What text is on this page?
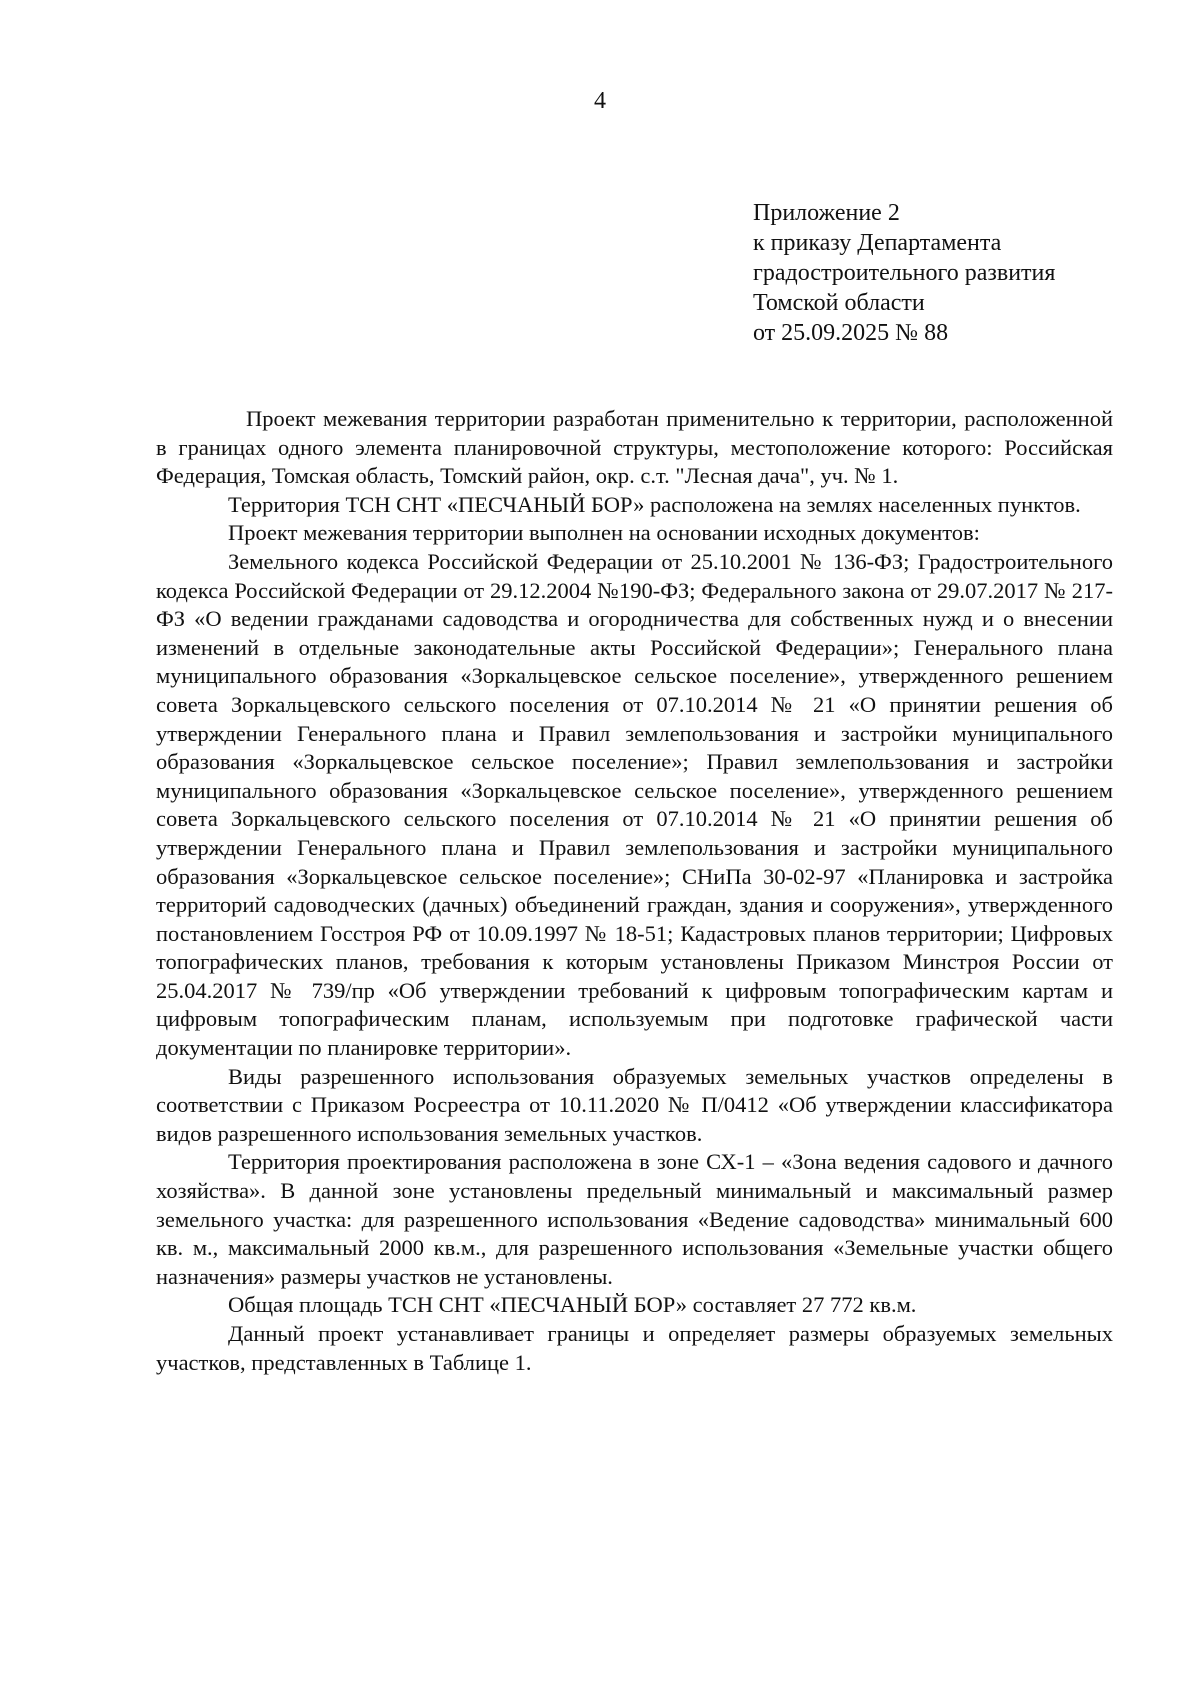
4
Приложение 2
к приказу Департамента
градостроительного развития
Томской области
от 25.09.2025 № 88

Проект межевания территории разработан применительно к территории, расположенной в границах одного элемента планировочной структуры, местоположение которого: Российская Федерация, Томская область, Томский район, окр. с.т. "Лесная дача", уч. № 1.

Территория ТСН СНТ «ПЕСЧАНЫЙ БОР» расположена на землях населенных пунктов.

Проект межевания территории выполнен на основании исходных документов:

Земельного кодекса Российской Федерации от 25.10.2001 № 136-ФЗ; Градостроительного кодекса Российской Федерации от 29.12.2004 №190-ФЗ; Федерального закона от 29.07.2017 № 217-ФЗ «О ведении гражданами садоводства и огородничества для собственных нужд и о внесении изменений в отдельные законодательные акты Российской Федерации»; Генерального плана муниципального образования «Зоркальцевское сельское поселение», утвержденного решением совета Зоркальцевского сельского поселения от 07.10.2014 № 21 «О принятии решения об утверждении Генерального плана и Правил землепользования и застройки муниципального образования «Зоркальцевское сельское поселение»; Правил землепользования и застройки муниципального образования «Зоркальцевское сельское поселение», утвержденного решением совета Зоркальцевского сельского поселения от 07.10.2014 № 21 «О принятии решения об утверждении Генерального плана и Правил землепользования и застройки муниципального образования «Зоркальцевское сельское поселение»; СНиПа 30-02-97 «Планировка и застройка территорий садоводческих (дачных) объединений граждан, здания и сооружения», утвержденного постановлением Госстроя РФ от 10.09.1997 № 18-51; Кадастровых планов территории; Цифровых топографических планов, требования к которым установлены Приказом Минстроя России от 25.04.2017 № 739/пр «Об утверждении требований к цифровым топографическим картам и цифровым топографическим планам, используемым при подготовке графической части документации по планировке территории».

Виды разрешенного использования образуемых земельных участков определены в соответствии с Приказом Росреестра от 10.11.2020 № П/0412 «Об утверждении классификатора видов разрешенного использования земельных участков.

Территория проектирования расположена в зоне СХ-1 – «Зона ведения садового и дачного хозяйства». В данной зоне установлены предельный минимальный и максимальный размер земельного участка: для разрешенного использования «Ведение садоводства» минимальный 600 кв. м., максимальный 2000 кв.м., для разрешенного использования «Земельные участки общего назначения» размеры участков не установлены.

Общая площадь ТСН СНТ «ПЕСЧАНЫЙ БОР» составляет 27 772 кв.м.

Данный проект устанавливает границы и определяет размеры образуемых земельных участков, представленных в Таблице 1.
